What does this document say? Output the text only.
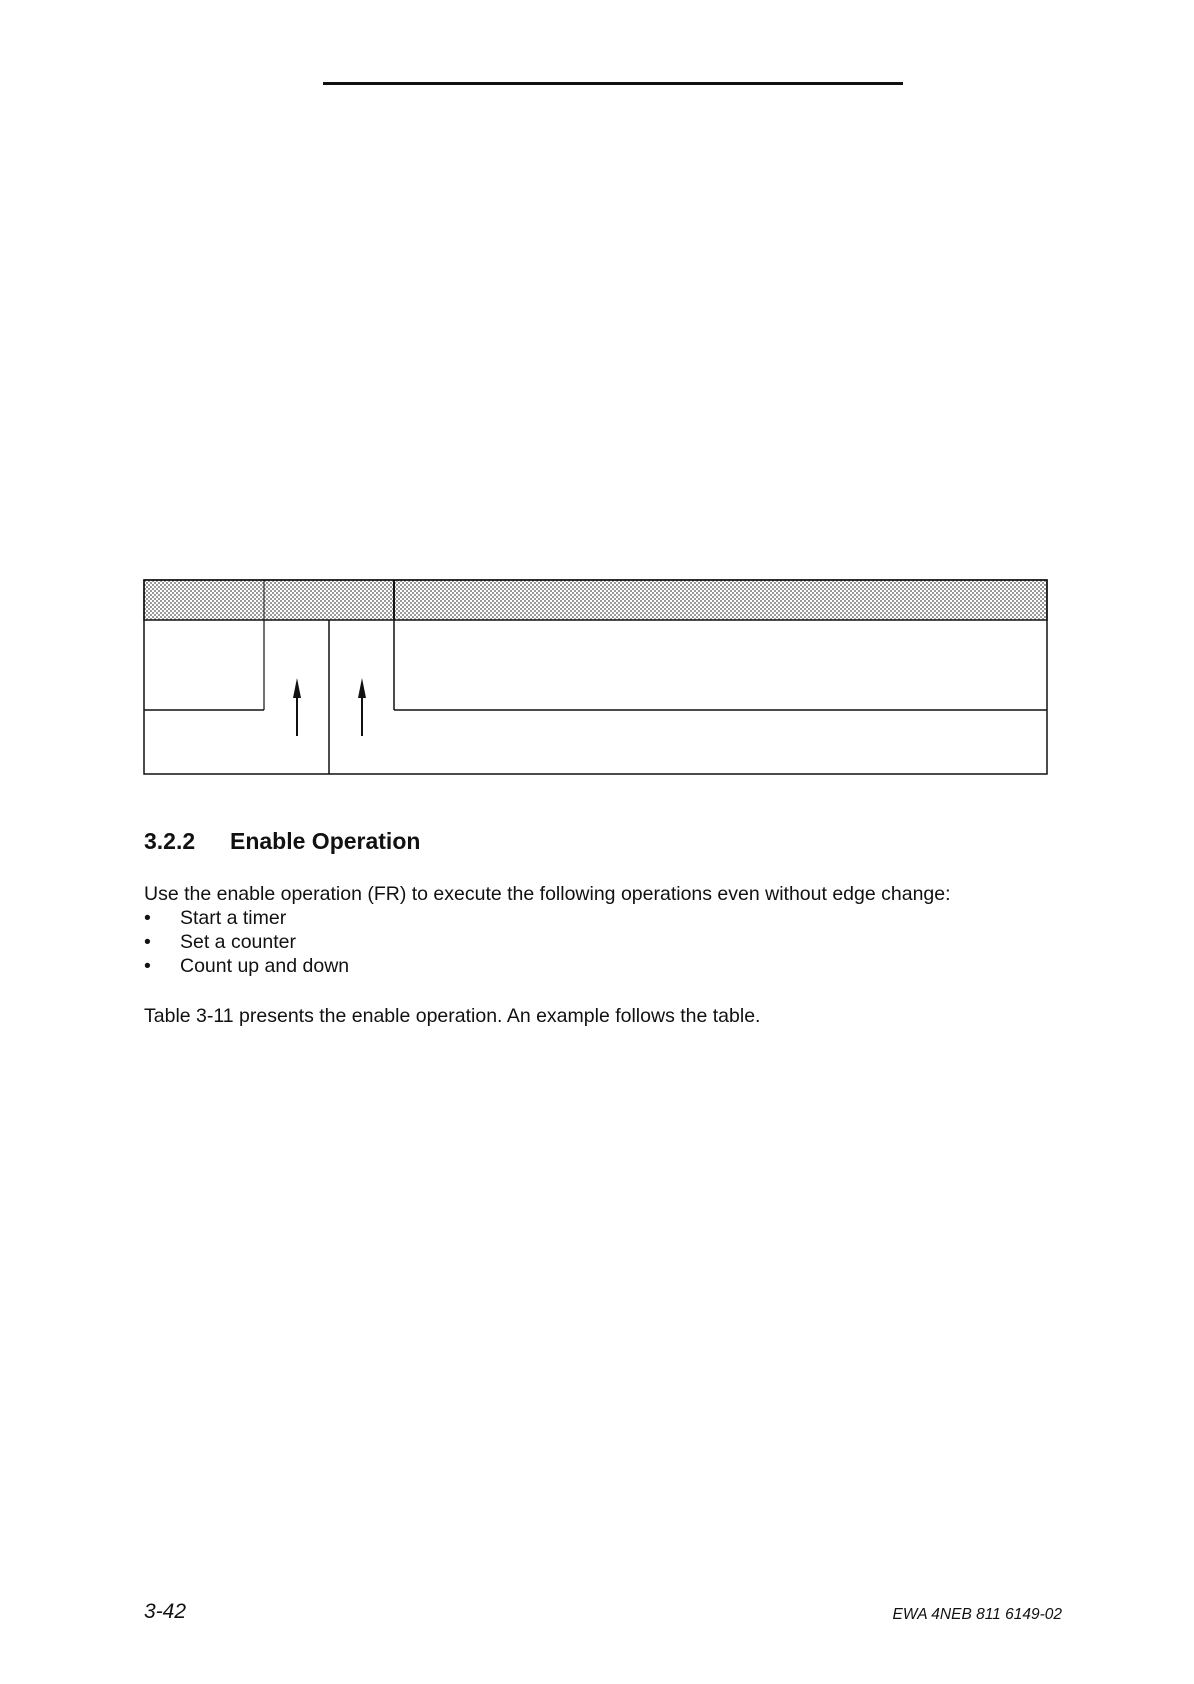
3.2.2 Enable Operation

Use the enable operation (FR) to execute the following operations even without edge change:

• Start a timer
• Set a counter
• Count up and down

Table 3-11 presents the enable operation. An example follows the table.

3-42	EWA 4NEB 811 6149-02
